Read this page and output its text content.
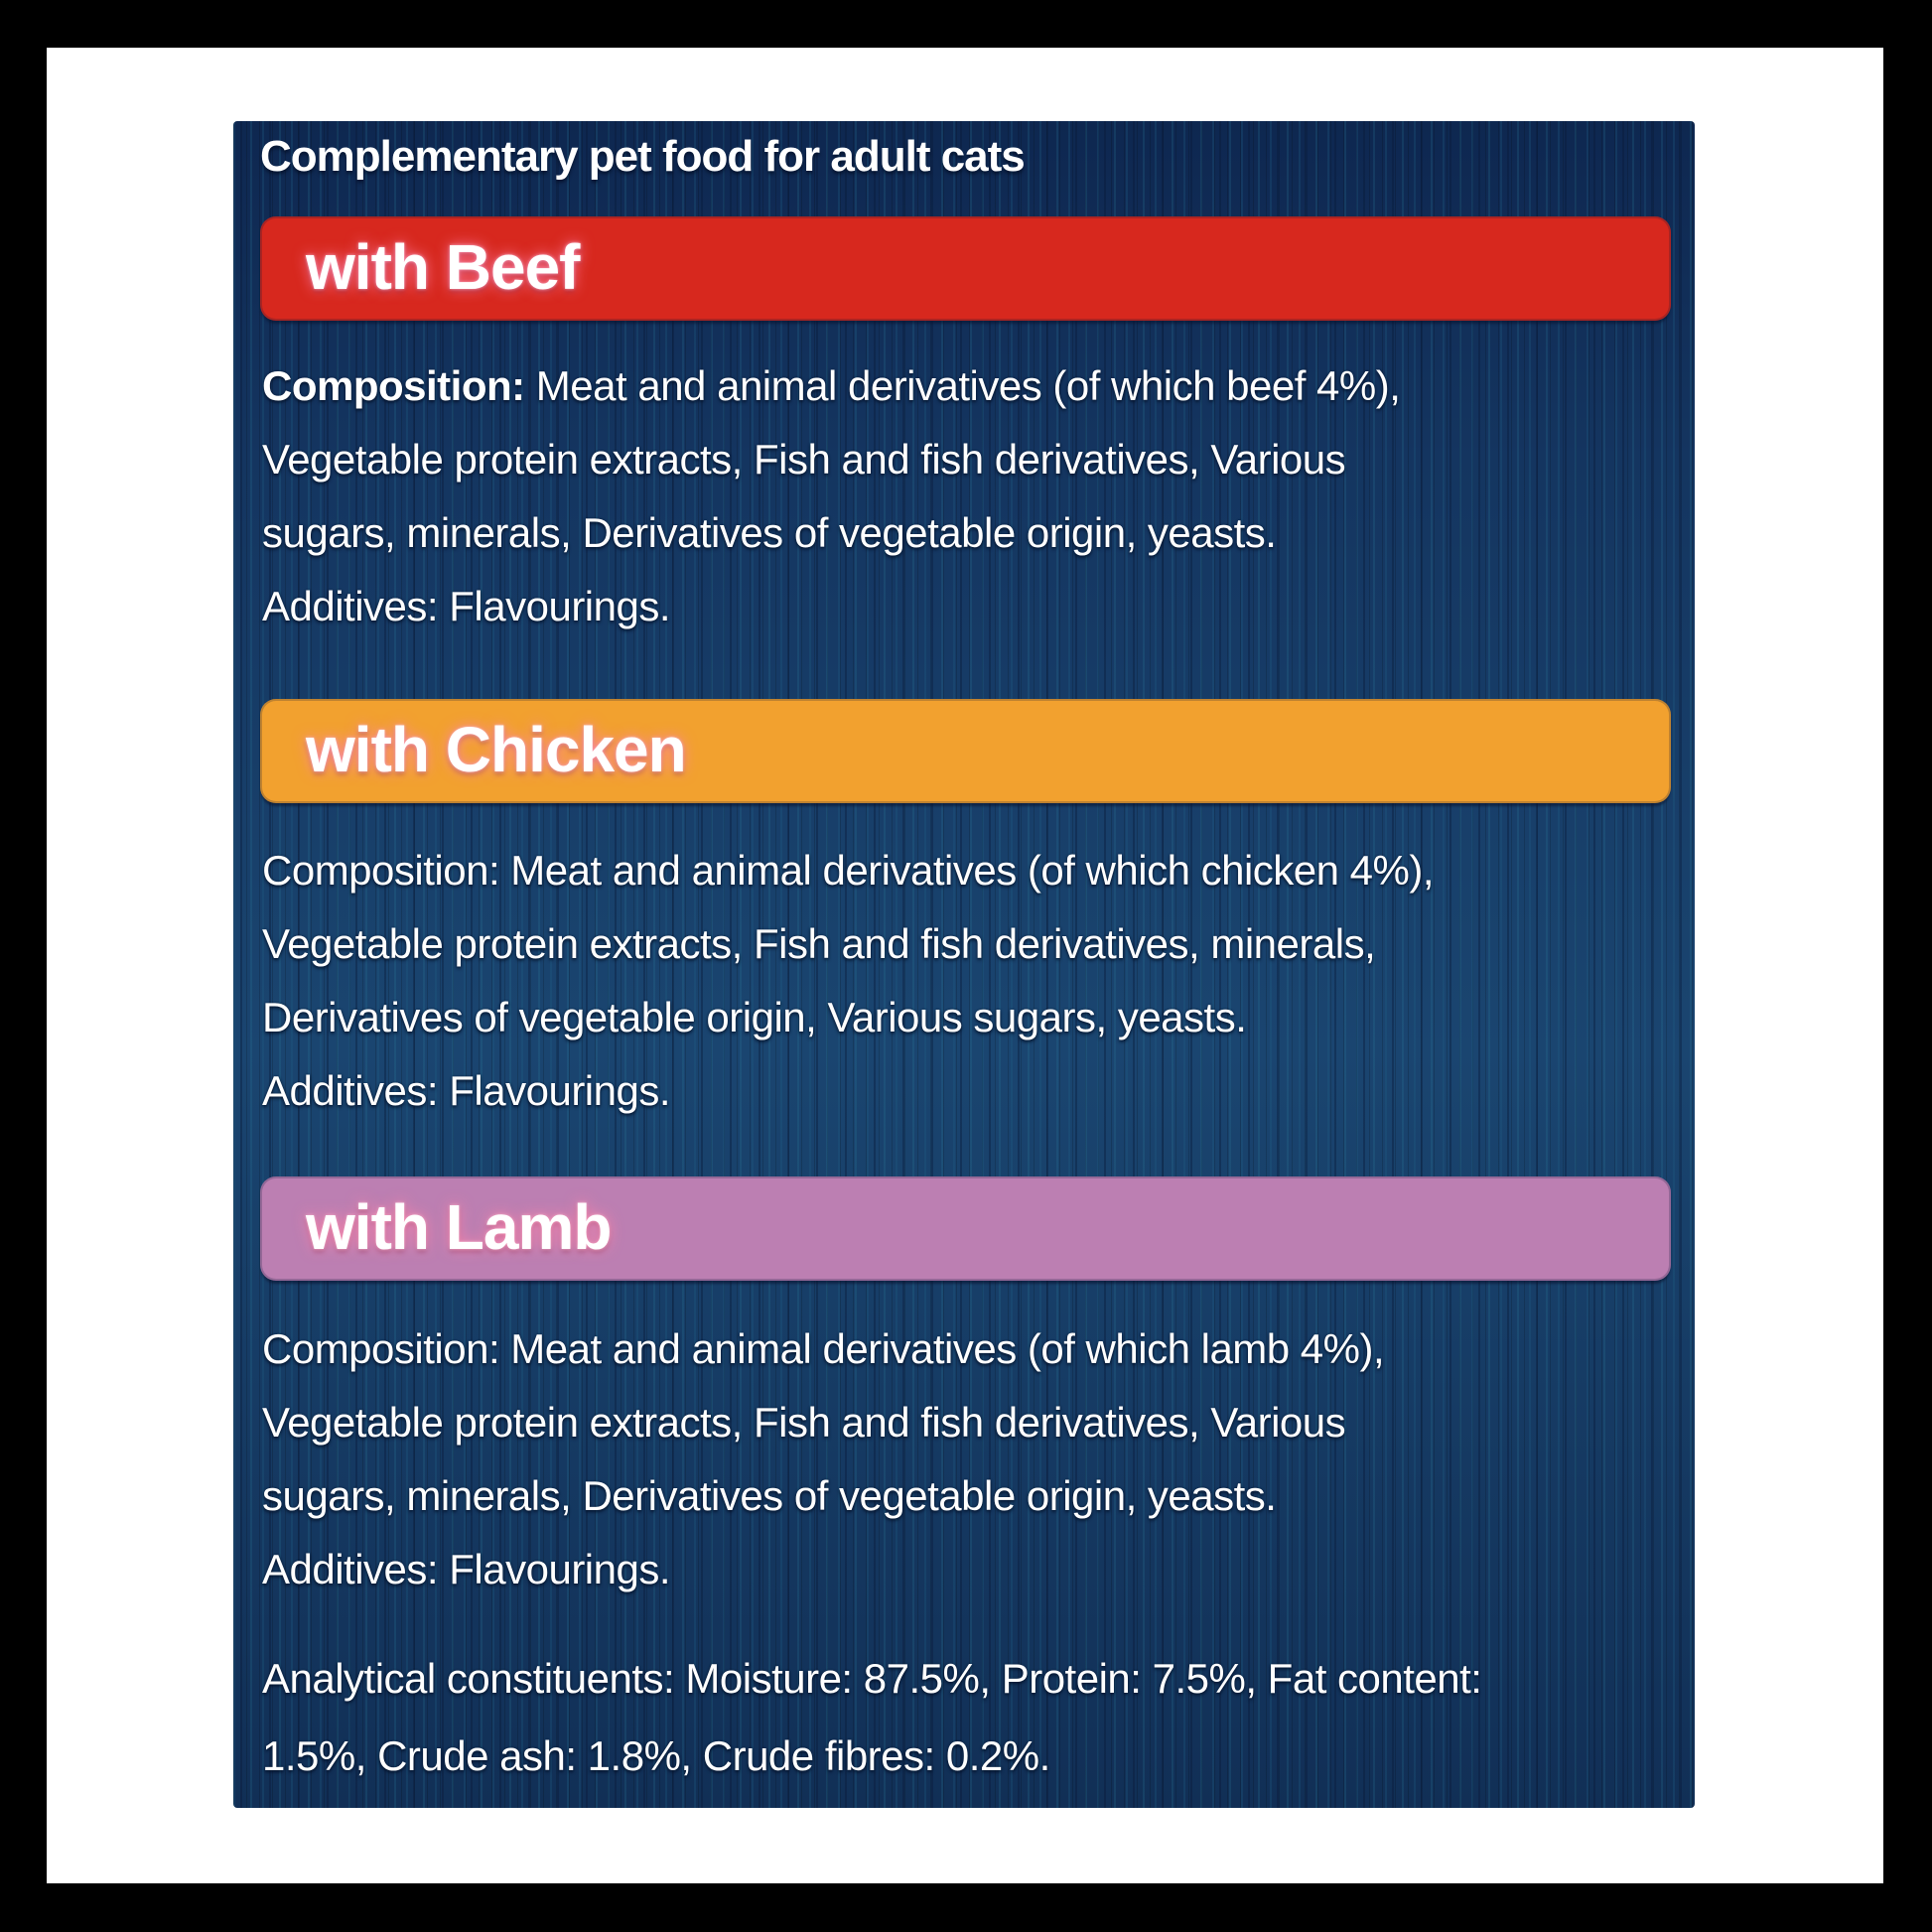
Complementary pet food for adult cats
with Beef
Composition: Meat and animal derivatives (of which beef 4%),
Vegetable protein extracts, Fish and fish derivatives, Various
sugars, minerals, Derivatives of vegetable origin, yeasts.
Additives: Flavourings.
with Chicken
Composition: Meat and animal derivatives (of which chicken 4%),
Vegetable protein extracts, Fish and fish derivatives, minerals,
Derivatives of vegetable origin, Various sugars, yeasts.
Additives: Flavourings.
with Lamb
Composition: Meat and animal derivatives (of which lamb 4%),
Vegetable protein extracts, Fish and fish derivatives, Various
sugars, minerals, Derivatives of vegetable origin, yeasts.
Additives: Flavourings.
Analytical constituents: Moisture: 87.5%, Protein: 7.5%, Fat content:
1.5%, Crude ash: 1.8%, Crude fibres: 0.2%.
